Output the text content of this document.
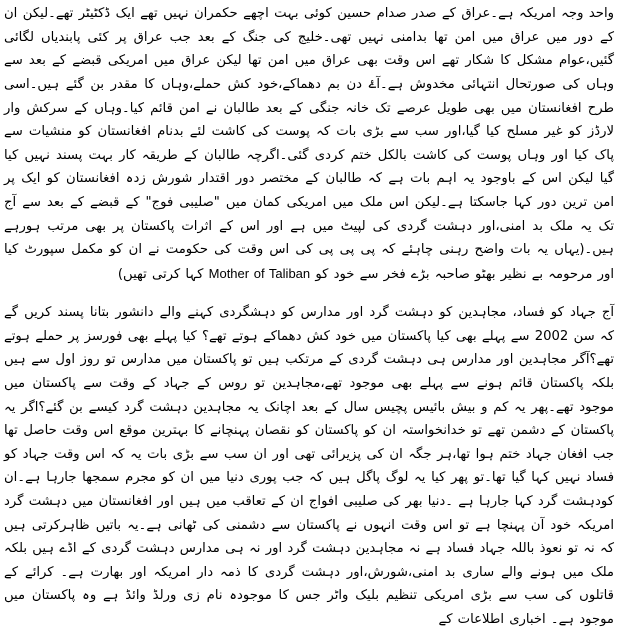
واحد وجہ امریکہ ہے۔عراق کے صدر صدام حسین کوئی بہت اچھے حکمران نہیں تھے ایک ڈکٹیٹر تھے۔لیکن ان کے دور میں عراق میں امن تھا بدامنی نہیں تھی۔خلیج کی جنگ کے بعد جب عراق پر کئی پابندیاں لگائی گئیں،عوام مشکل کا شکار تھے اس وقت بھی عراق میں امن تھا لیکن عراق میں امریکی قبضے کے بعد سے وہاں کی صورتحال انتہائی مخدوش ہے۔آۓ دن بم دھماکے،خود کش حملے،وہاں کا مقدر بن گئے ہیں۔اسی طرح افغانستان میں بھی طویل عرصے تک خانہ جنگی کے بعد طالبان نے امن قائم کیا۔وہاں کے سرکش وار لارڈز کو غیر مسلح کیا گیا،اور سب سے بڑی بات کہ پوست کی کاشت لئے بدنام افغانستان کو منشیات سے پاک کیا اور وہاں پوست کی کاشت بالکل ختم کردی گئی۔اگرچہ طالبان کے طریقہ کار بہت پسند نہیں کیا گیا لیکن اس کے باوجود یہ اہم بات ہے کہ طالبان کے مختصر دور اقتدار شورش زدہ افغانستان کو ایک پر امن ترین دور کہا جاسکتا ہے۔لیکن اس ملک میں امریکی کمان میں "صلیبی فوج" کے قبضے کے بعد سے آج تک یہ ملک بد امنی،اور دہشت گردی کی لپیٹ میں ہے اور اس کے اثرات پاکستان پر بھی مرتب ہورہے ہیں۔(یہاں یہ بات واضح رہنی چاہئے کہ پی پی پی کی اس وقت کی حکومت نے ان کو مکمل سپورٹ کیا اور مرحومہ بے نظیر بھٹو صاحبہ بڑے فخر سے خود کو Mother of Taliban کہا کرتی تھیں)

آج جہاد کو فساد، مجاہدین کو دہشت گرد اور مدارس کو دہشگردی کہنے والے دانشور بتانا پسند کریں گے کہ سن 2002 سے پہلے بھی کیا پاکستان میں خود کش دھماکے ہوتے تھے؟ کیا پہلے بھی فورسز پر حملے ہوتے تھے؟آگر مجاہدین اور مدارس ہی دہشت گردی کے مرتکب ہیں تو پاکستان میں مدارس تو روز اول سے ہیں بلکہ پاکستان قائم ہونے سے پہلے بھی موجود تھے،مجاہدین تو روس کے جہاد کے وقت سے پاکستان میں موجود تھے۔پھر یہ کم و بیش بائیس پچیس سال کے بعد اچانک یہ مجاہدین دہشت گرد کیسے بن گئے؟اگر یہ پاکستان کے دشمن تھے تو خدانخواستہ ان کو پاکستان کو نقصان پہنچانے کا بہترین موقع اس وقت حاصل تھا جب افغان جہاد ختم ہوا تھا،ہر جگہ ان کی پزیرائی تھی اور ان سب سے بڑی بات یہ کہ اس وقت جہاد کو فساد نہیں کہا گیا تھا۔تو پھر کیا یہ لوگ پاگل ہیں کہ جب پوری دنیا میں ان کو مجرم سمجھا جارہا ہے۔ان کودہشت گرد کہا جارہا ہے ۔دنیا بھر کی صلیبی افواج ان کے تعاقب میں ہیں اور افغانستان میں دہشت گرد امریکہ خود آن پہنچا ہے تو اس وقت انہوں نے پاکستان سے دشمنی کی ٹھانی ہے۔یہ باتیں ظاہرکرتی ہیں کہ نہ تو نعوذ باللہ جہاد فساد ہے نہ مجاہدین دہشت گرد اور نہ ہی مدارس دہشت گردی کے اڈے ہیں بلکہ ملک میں ہونے والے ساری بد امنی،شورش،اور دہشت گردی کا ذمہ دار امریکہ اور بھارت ہے۔ کرائے کے قاتلوں کی سب سے بڑی امریکی تنظیم بلیک واٹر جس کا موجودہ نام زی ورلڈ وائڈ ہے وہ پاکستان میں موجود ہے۔ اخباری اطلاعات کے
